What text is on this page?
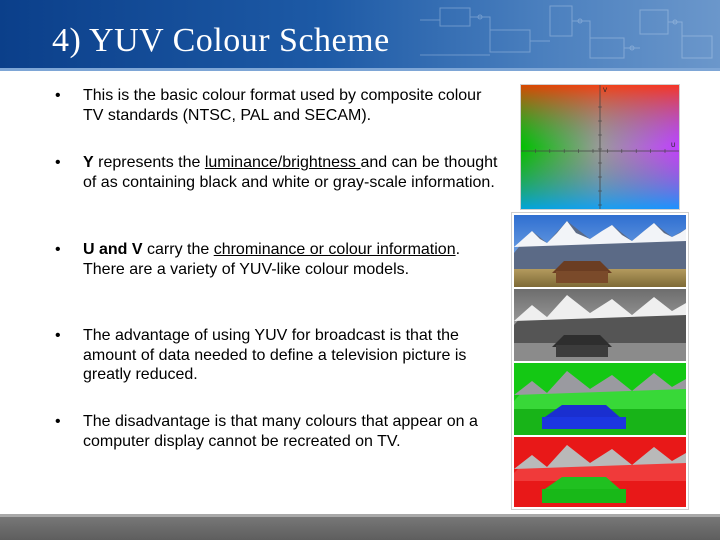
4) YUV Colour Scheme
• This is the basic colour format used by composite colour TV standards (NTSC, PAL and SECAM).
• Y represents the luminance/brightness and can be thought of as containing black and white or gray-scale information.
• U and V carry the chrominance or colour information. There are a variety of YUV-like colour models.
• The advantage of using YUV for broadcast is that the amount of data needed to define a television picture is greatly reduced.
• The disadvantage is that many colours that appear on a computer display cannot be recreated on TV.
V
U
